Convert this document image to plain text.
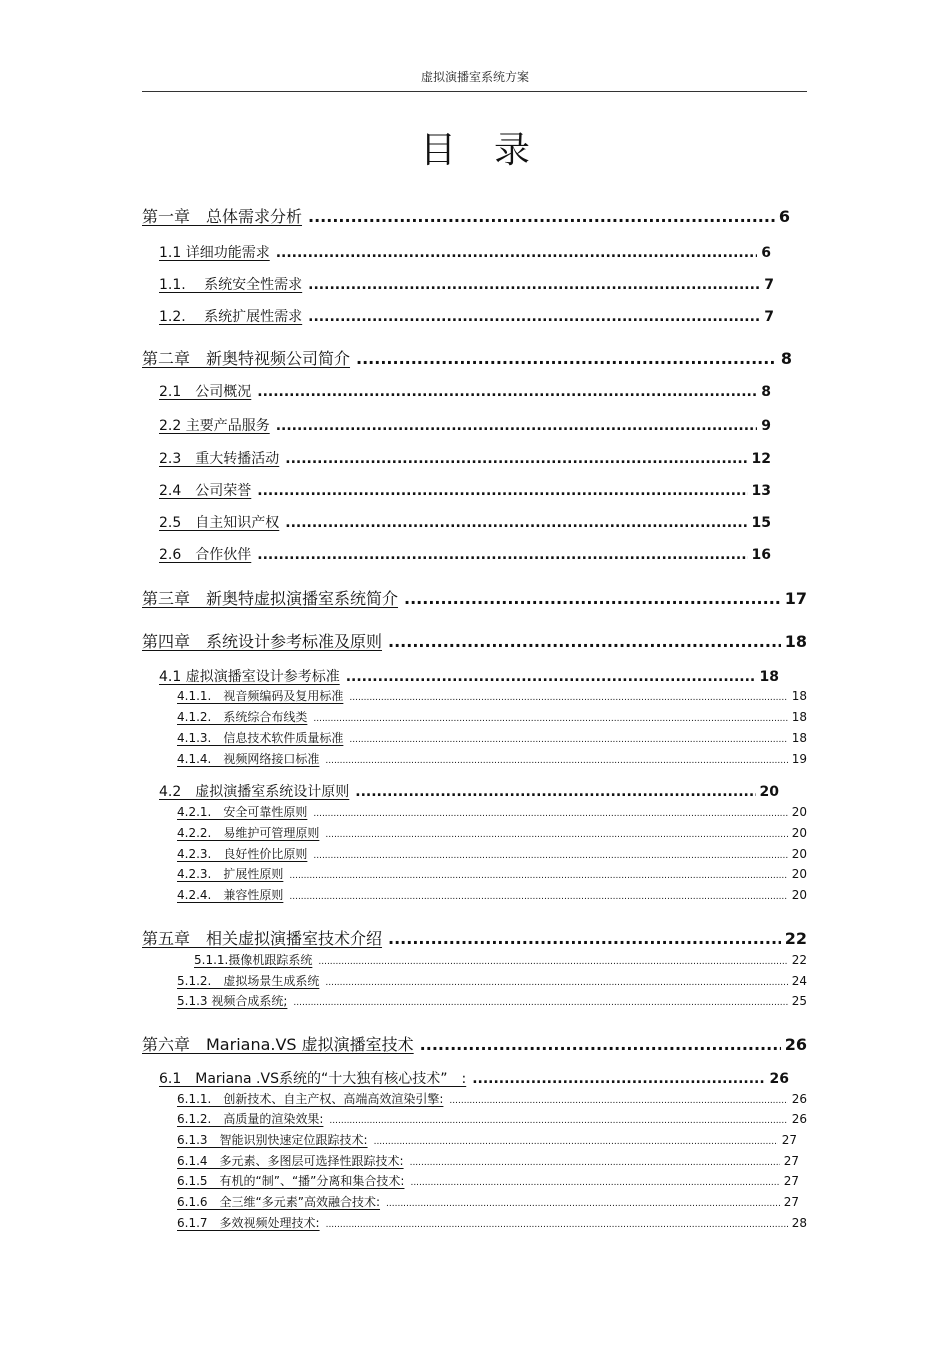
虚拟演播室系统方案
目录
第一章　总体需求分析 .....	6
1.1 详细功能需求 .....	6
1.1.　 系统安全性需求 .....	7
1.2.　 系统扩展性需求 .....	7
第二章　新奥特视频公司简介 .....	8
2.1　公司概况 .....	8
2.2 主要产品服务 .....	9
2.3　重大转播活动 .....	12
2.4　公司荣誉 .....	13
2.5　自主知识产权 .....	15
2.6　合作伙伴 .....	16
第三章　新奥特虚拟演播室系统简介 .....	17
第四章　系统设计参考标准及原则 .....	18
4.1 虚拟演播室设计参考标准 .....	18
4.1.1.　视音频编码及复用标准 .....	18
4.1.2.　系统综合布线类 .....	18
4.1.3.　信息技术软件质量标准 .....	18
4.1.4.　视频网络接口标准 .....	19
4.2　虚拟演播室系统设计原则 .....	20
4.2.1.　安全可靠性原则 .....	20
4.2.2.　易维护可管理原则 .....	20
4.2.3.　良好性价比原则 .....	20
4.2.3.　扩展性原则 .....	20
4.2.4.　兼容性原则 .....	20
第五章　相关虚拟演播室技术介绍 .....	22
5.1.1.摄像机跟踪系统 .....	22
5.1.2.　虚拟场景生成系统 .....	24
5.1.3 视频合成系统; .....	25
第六章　Mariana.VS 虚拟演播室技术 .....	26
6.1　Mariana .VS系统的“十大独有核心技术”　: .....	26
6.1.1.　创新技术、自主产权、高端高效渲染引擎: .....	26
6.1.2.　高质量的渲染效果: .....	26
6.1.3　智能识别快速定位跟踪技术: .....	27
6.1.4　多元素、多图层可选择性跟踪技术: .....	27
6.1.5　有机的“制”、“播”分离和集合技术: .....	27
6.1.6　全三维“多元素”高效融合技术: .....	27
6.1.7　多效视频处理技术: .....	28
